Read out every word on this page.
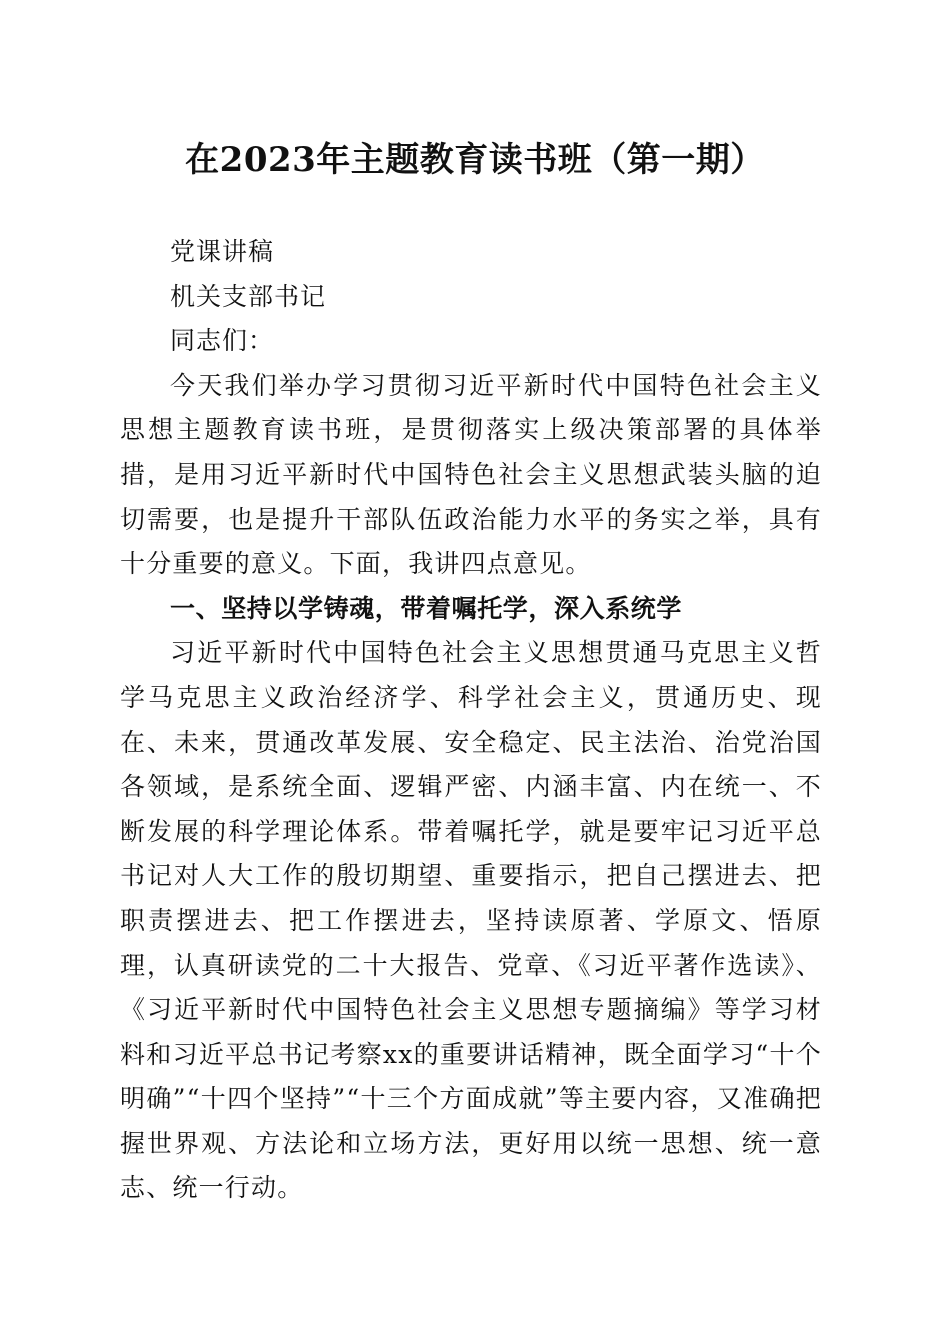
在2023年主题教育读书班（第一期）

党课讲稿

机关支部书记

同志们：

今天我们举办学习贯彻习近平新时代中国特色社会主义思想主题教育读书班，是贯彻落实上级决策部署的具体举措，是用习近平新时代中国特色社会主义思想武装头脑的迫切需要，也是提升干部队伍政治能力水平的务实之举，具有十分重要的意义。下面，我讲四点意见。

一、坚持以学铸魂，带着嘱托学，深入系统学

习近平新时代中国特色社会主义思想贯通马克思主义哲学马克思主义政治经济学、科学社会主义，贯通历史、现在、未来，贯通改革发展、安全稳定、民主法治、治党治国各领域，是系统全面、逻辑严密、内涵丰富、内在统一、不断发展的科学理论体系。带着嘱托学，就是要牢记习近平总书记对人大工作的殷切期望、重要指示，把自己摆进去、把职责摆进去、把工作摆进去，坚持读原著、学原文、悟原理，认真研读党的二十大报告、党章、《习近平著作选读》、《习近平新时代中国特色社会主义思想专题摘编》等学习材料和习近平总书记考察xx的重要讲话精神，既全面学习“十个明确”“十四个坚持”“十三个方面成就”等主要内容，又准确把握世界观、方法论和立场方法，更好用以统一思想、统一意志、统一行动。
